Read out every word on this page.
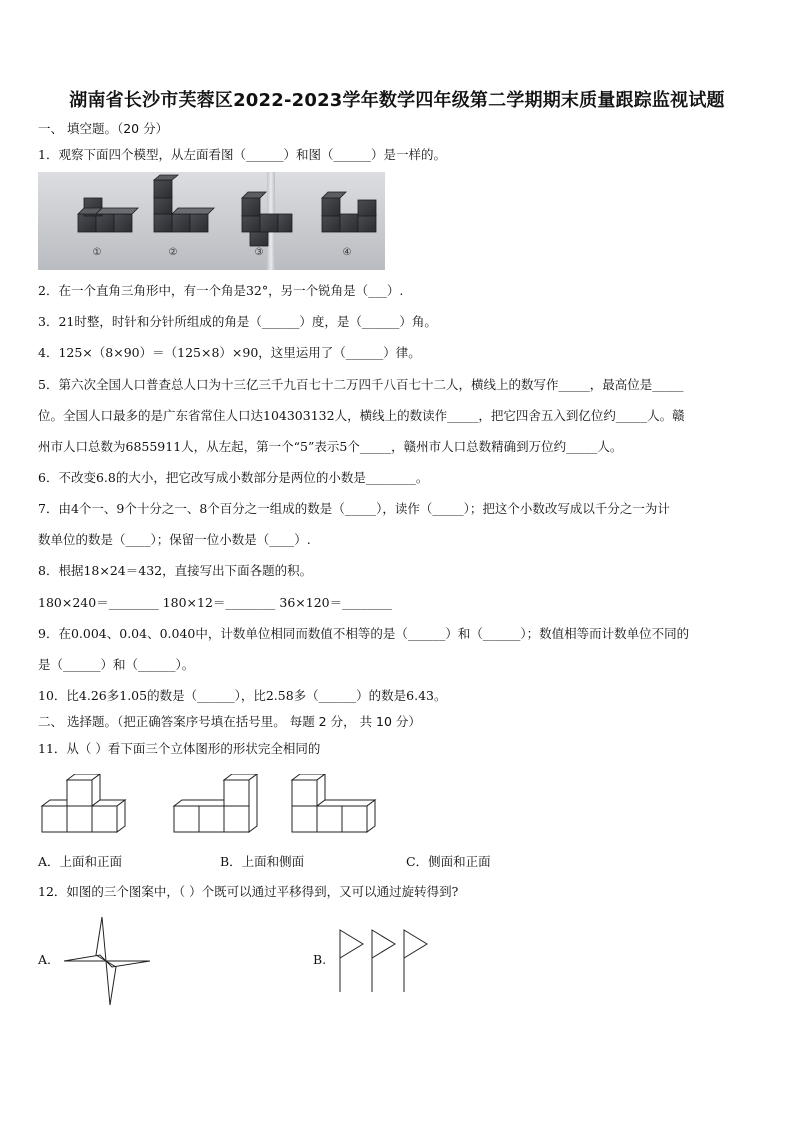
湖南省长沙市芙蓉区2022-2023学年数学四年级第二学期期末质量跟踪监视试题
一、 填空题。（20 分）
1．观察下面四个模型，从左面看图（______）和图（______）是一样的。
①	②	③	④
2．在一个直角三角形中，有一个角是32°，另一个锐角是（___）.
3．21时整，时针和分针所组成的角是（______）度，是（______）角。
4．125×（8×90）＝（125×8）×90，这里运用了（______）律。
5．第六次全国人口普查总人口为十三亿三千九百七十二万四千八百七十二人，横线上的数写作_____，最高位是_____
位。全国人口最多的是广东省常住人口达104303132人，横线上的数读作_____，把它四舍五入到亿位约_____人。赣
州市人口总数为6855911人，从左起，第一个“5”表示5个_____，赣州市人口总数精确到万位约_____人。
6．不改变6.8的大小，把它改写成小数部分是两位的小数是________。
7．由4个一、9个十分之一、8个百分之一组成的数是（_____），读作（_____）；把这个小数改写成以千分之一为计
数单位的数是（____）；保留一位小数是（____）.
8．根据18×24＝432，直接写出下面各题的积。
180×240＝________ 180×12＝________ 36×120＝________
9．在0.004、0.04、0.040中，计数单位相同而数值不相等的是（______）和（______）；数值相等而计数单位不同的
是（______）和（______）。
10．比4.26多1.05的数是（______），比2.58多（______）的数是6.43。
二、 选择题。（把正确答案序号填在括号里。 每题 2 分， 共 10 分）
11．从（ ）看下面三个立体图形的形状完全相同的
A．上面和正面	B．上面和侧面	C．侧面和正面
12．如图的三个图案中，（ ）个既可以通过平移得到，又可以通过旋转得到?
A.	B.
